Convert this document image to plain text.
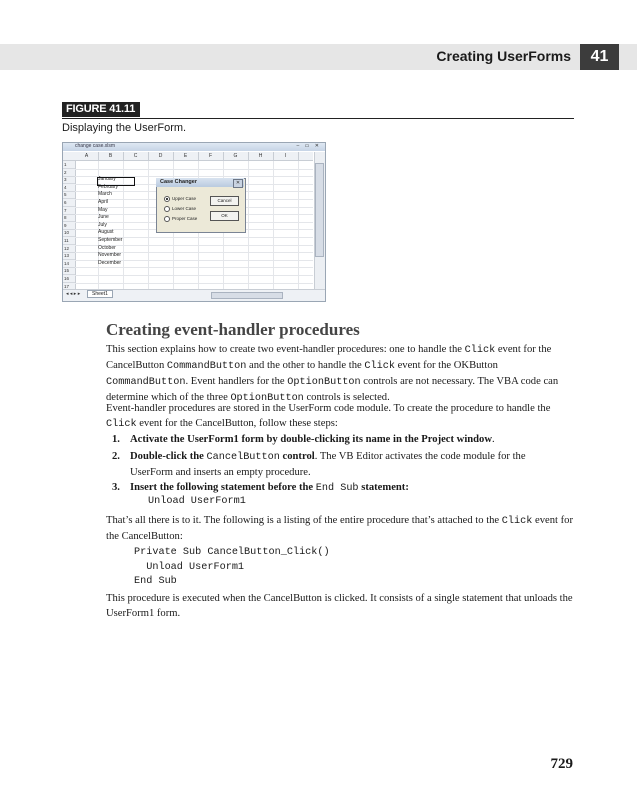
Creating UserForms	41
FIGURE 41.11
Displaying the UserForm.
change case.xlsm	– ▭ ✕
A	B	C	D	E	F	G	H	I
1
2
3
4
5
6
7
8
9
10
11
12
13
14
15
16
17
January
February
March
April
May
June
July
August
September
October
November
December
◂ ◂ ▸ ▸	Sheet1
Case Changer	✕
Upper Case
Lower Case
Proper Case
Cancel
OK
Creating event-handler procedures
This section explains how to create two event-handler procedures: one to handle the Click event for the CancelButton CommandButton and the other to handle the Click event for the OKButton CommandButton. Event handlers for the OptionButton controls are not necessary. The VBA code can determine which of the three OptionButton controls is selected.
Event-handler procedures are stored in the UserForm code module. To create the procedure to handle the Click event for the CancelButton, follow these steps:
1. Activate the UserForm1 form by double-clicking its name in the Project window.
2. Double-click the CancelButton control. The VB Editor activates the code module for the UserForm and inserts an empty procedure.
3. Insert the following statement before the End Sub statement:
Unload UserForm1
That’s all there is to it. The following is a listing of the entire procedure that’s attached to the Click event for the CancelButton:
Private Sub CancelButton_Click()
Unload UserForm1
End Sub
This procedure is executed when the CancelButton is clicked. It consists of a single statement that unloads the UserForm1 form.
729
